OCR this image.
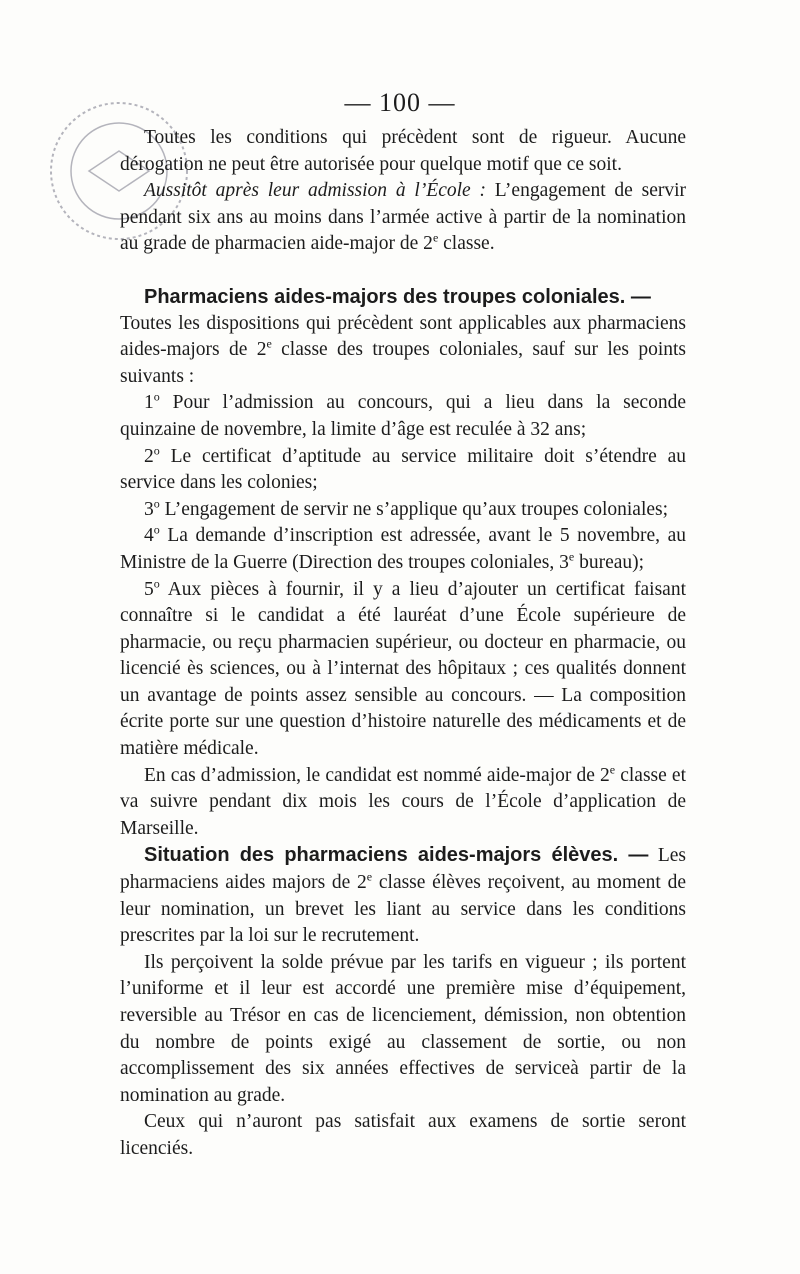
— 100 —

Toutes les conditions qui précèdent sont de rigueur. Aucune dérogation ne peut être autorisée pour quelque motif que ce soit.

Aussitôt après leur admission à l’École : L’engagement de servir pendant six ans au moins dans l’armée active à partir de la nomination au grade de pharmacien aide-major de 2e classe.

Pharmaciens aides-majors des troupes coloniales. —

Toutes les dispositions qui précèdent sont applicables aux pharmaciens aides-majors de 2e classe des troupes coloniales, sauf sur les points suivants :

1$^o$ Pour l’admission au concours, qui a lieu dans la seconde quinzaine de novembre, la limite d’âge est reculée à 32 ans;

2$^o$ Le certificat d’aptitude au service militaire doit s’étendre au service dans les colonies;

3$^o$ L’engagement de servir ne s’applique qu’aux troupes coloniales;

4$^o$ La demande d’inscription est adressée, avant le 5 novembre, au Ministre de la Guerre (Direction des troupes coloniales, 3e bureau);

5$^o$ Aux pièces à fournir, il y a lieu d’ajouter un certificat faisant connaître si le candidat a été lauréat d’une École supérieure de pharmacie, ou reçu pharmacien supérieur, ou docteur en pharmacie, ou licencié ès sciences, ou à l’internat des hôpitaux ; ces qualités donnent un avantage de points assez sensible au concours. — La composition écrite porte sur une question d’histoire naturelle des médicaments et de matière médicale.

En cas d’admission, le candidat est nommé aide-major de 2e classe et va suivre pendant dix mois les cours de l’École d’application de Marseille.

Situation des pharmaciens aides-majors élèves. — Les pharmaciens aides majors de 2e classe élèves reçoivent, au moment de leur nomination, un brevet les liant au service dans les conditions prescrites par la loi sur le recrutement.

Ils perçoivent la solde prévue par les tarifs en vigueur ; ils portent l’uniforme et il leur est accordé une première mise d’équipement, reversible au Trésor en cas de licenciement, démission, non obtention du nombre de points exigé au classement de sortie, ou non accomplissement des six années effectives de serviceà partir de la nomination au grade.

Ceux qui n’auront pas satisfait aux examens de sortie seront licenciés.
